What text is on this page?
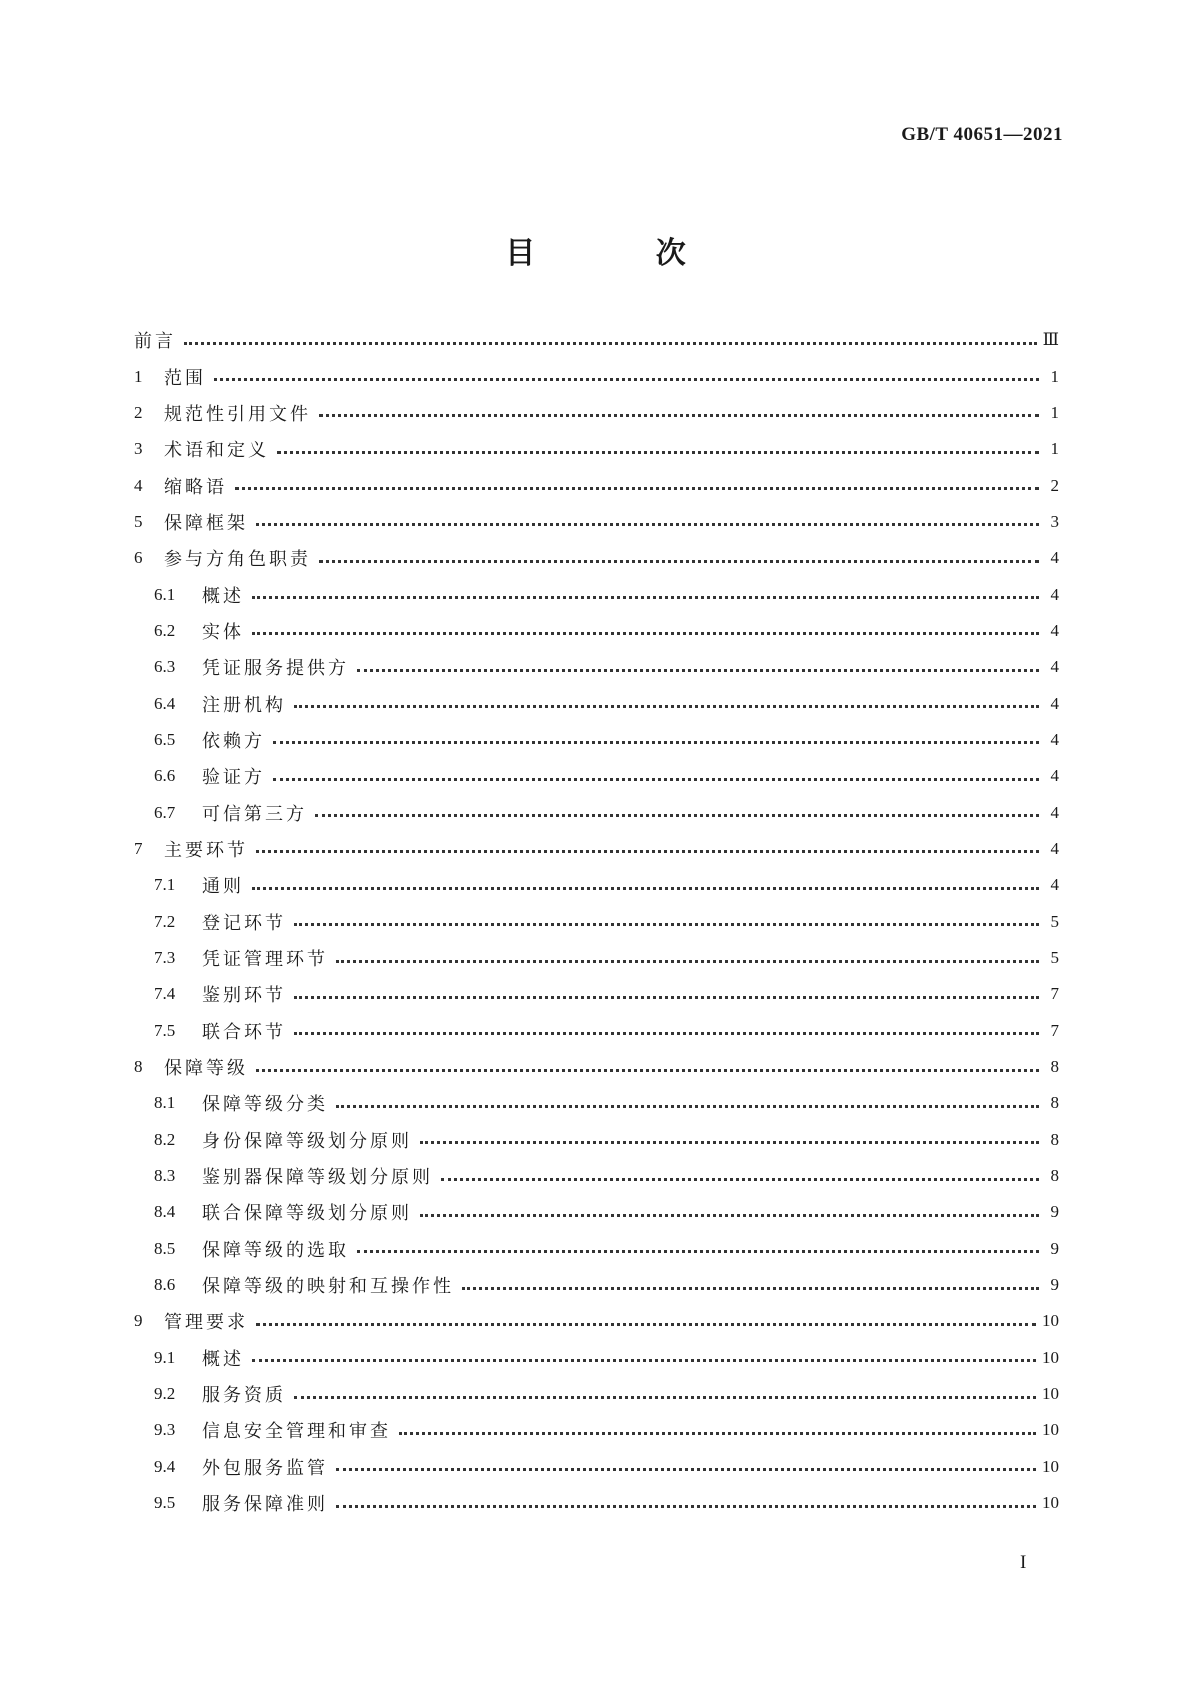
GB/T 40651—2021
目 次
前言	Ⅲ
1	范围	1
2	规范性引用文件	1
3	术语和定义	1
4	缩略语	2
5	保障框架	3
6	参与方角色职责	4
6.1	概述	4
6.2	实体	4
6.3	凭证服务提供方	4
6.4	注册机构	4
6.5	依赖方	4
6.6	验证方	4
6.7	可信第三方	4
7	主要环节	4
7.1	通则	4
7.2	登记环节	5
7.3	凭证管理环节	5
7.4	鉴别环节	7
7.5	联合环节	7
8	保障等级	8
8.1	保障等级分类	8
8.2	身份保障等级划分原则	8
8.3	鉴别器保障等级划分原则	8
8.4	联合保障等级划分原则	9
8.5	保障等级的选取	9
8.6	保障等级的映射和互操作性	9
9	管理要求	10
9.1	概述	10
9.2	服务资质	10
9.3	信息安全管理和审查	10
9.4	外包服务监管	10
9.5	服务保障准则	10
I
